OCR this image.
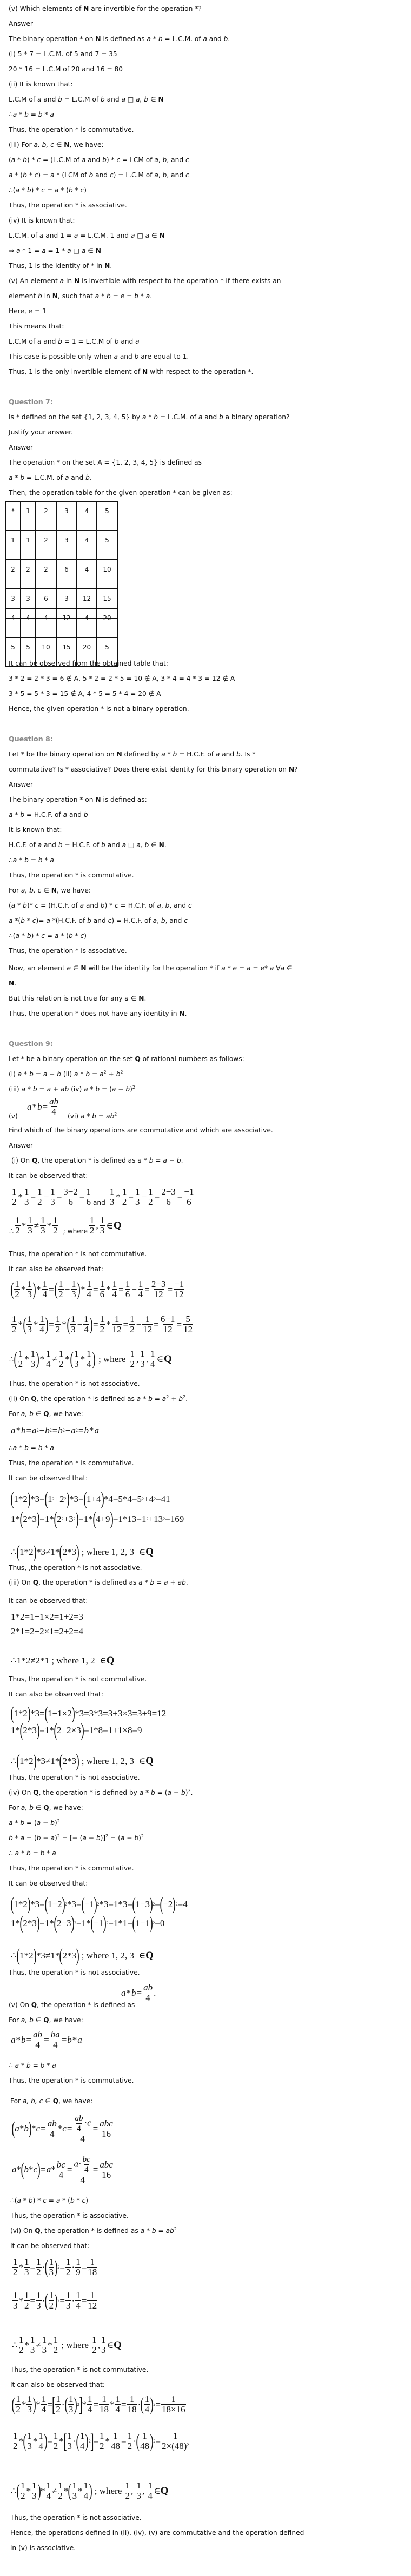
(v) Which elements of N are invertible for the operation *?
Answer
The binary operation * on N is defined as a * b = L.C.M. of a and b.
(i) 5 * 7 = L.C.M. of 5 and 7 = 35
20 * 16 = L.C.M of 20 and 16 = 80
(ii) It is known that:
L.C.M of a and b = L.C.M of b and a □ a, b ∈ N
∴a * b = b * a
Thus, the operation * is commutative.
(iii) For a, b, c ∈ N, we have:
(a * b) * c = (L.C.M of a and b) * c = LCM of a, b, and c
a * (b * c) = a * (LCM of b and c) = L.C.M of a, b, and c
∴(a * b) * c = a * (b * c)
Thus, the operation * is associative.
(iv) It is known that:
L.C.M. of a and 1 = a = L.C.M. 1 and a □ a ∈ N
⇒ a * 1 = a = 1 * a □ a ∈ N
Thus, 1 is the identity of * in N.
(v) An element a in N is invertible with respect to the operation * if there exists an
element b in N, such that a * b = e = b * a.
Here, e = 1
This means that:
L.C.M of a and b = 1 = L.C.M of b and a
This case is possible only when a and b are equal to 1.
Thus, 1 is the only invertible element of N with respect to the operation *.
Question 7:
Is * defined on the set {1, 2, 3, 4, 5} by a * b = L.C.M. of a and b a binary operation?
Justify your answer.
Answer
The operation * on the set A = {1, 2, 3, 4, 5} is defined as
a * b = L.C.M. of a and b.
Then, the operation table for the given operation * can be given as:
It can be observed from the obtained table that:
3 * 2 = 2 * 3 = 6 ∉ A, 5 * 2 = 2 * 5 = 10 ∉ A, 3 * 4 = 4 * 3 = 12 ∉ A
3 * 5 = 5 * 3 = 15 ∉ A, 4 * 5 = 5 * 4 = 20 ∉ A
Hence, the given operation * is not a binary operation.
Question 8:
Let * be the binary operation on N defined by a * b = H.C.F. of a and b. Is *
commutative? Is * associative? Does there exist identity for this binary operation on N?
Answer
The binary operation * on N is defined as:
a * b = H.C.F. of a and b
It is known that:
H.C.F. of a and b = H.C.F. of b and a □ a, b ∈ N.
∴a * b = b * a
Thus, the operation * is commutative.
For a, b, c ∈ N, we have:
(a * b)* c = (H.C.F. of a and b) * c = H.C.F. of a, b, and c
a *(b * c)= a *(H.C.F. of b and c) = H.C.F. of a, b, and c
∴(a * b) * c = a * (b * c)
Thus, the operation * is associative.
Now, an element e ∈ N will be the identity for the operation * if a * e = a = e* a ∀a ∈
N.
But this relation is not true for any a ∈ N.
Thus, the operation * does not have any identity in N.
Question 9:
Let * be a binary operation on the set Q of rational numbers as follows:
(i) a * b = a − b (ii) $a * b = a^2 + b^2$
(iii) a * b = a + ab (iv) $a * b = (a - b)^2$
(v)	(vi) $a * b = ab^2$
Find which of the binary operations are commutative and which are associative.
Answer
(i) On Q, the operation * is defined as a * b = a − b.
It can be observed that:
Thus, the operation * is not commutative.
It can also be observed that:
Thus, the operation * is not associative.
(ii) On Q, the operation * is defined as $a * b = a^2 + b^2$.
For a, b ∈ Q, we have:
∴a * b = b * a
Thus, the operation * is commutative.
It can be observed that:
Thus, ,the operation * is not associative.
(iii) On Q, the operation * is defined as a * b = a + ab.
It can be observed that:
Thus, the operation * is not commutative.
It can also be observed that:
Thus, the operation * is not associative.
(iv) On Q, the operation * is defined by $a * b = (a - b)^2$.
For a, b ∈ Q, we have:
$a * b = (a - b)^2$
$b * a = (b - a)^2$ = [− $(a - b)]^2 = (a - b)^2$
∴ a * b = b * a
Thus, the operation * is commutative.
It can be observed that:
Thus, the operation * is not associative.
(v) On Q, the operation * is defined as
For a, b ∈ Q, we have:
∴ a * b = b * a
Thus, the operation * is commutative.
For a, b, c ∈ Q, we have:
∴(a * b) * c = a * (b * c)
Thus, the operation * is associative.
(vi) On Q, the operation * is defined as $a * b = ab^2$
It can be observed that:
Thus, the operation * is not commutative.
It can also be observed that:
Thus, the operation * is not associative.
Hence, the operations defined in (ii), (iv), (v) are commutative and the operation defined
in (v) is associative.
*	1	2	3	4	5
1	1	2	3	4	5
2	2	2	6	4	10
3	3	6	3	12	15
4	4	4	12	4	20
5	5	10	15	20	5
$a * b = \frac{ab}{4}$
$\frac{1}{2} * \frac{1}{3} = \frac{1}{2} - \frac{1}{3} = \frac{3-2}{6} = \frac{1}{6}$ and $\frac{1}{3} * \frac{1}{2} = \frac{1}{3} - \frac{1}{2} = \frac{2-3}{6} = \frac{-1}{6}$
∴ $\frac{1}{2} * \frac{1}{3} \ne \frac{1}{3} * \frac{1}{2}$ ; where $\frac{1}{2}$ , $\frac{1}{3}$ ∈ Q
( $\frac{1}{2} * \frac{1}{3}$ ) * $\frac{1}{4}$ = ( $\frac{1}{2} - \frac{1}{3}$ ) * $\frac{1}{4} = \frac{1}{6} * \frac{1}{4} = \frac{1}{6} - \frac{1}{4} = \frac{2-3}{12} = \frac{-1}{12}$
$\frac{1}{2}$ * ( $\frac{1}{3} * \frac{1}{4}$ ) = $\frac{1}{2}$ * ( $\frac{1}{3} - \frac{1}{4}$ ) = $\frac{1}{2} * \frac{1}{12} = \frac{1}{2} - \frac{1}{12} = \frac{6-1}{12} = \frac{5}{12}$
∴ ( $\frac{1}{2} * \frac{1}{3}$ ) * $\frac{1}{4} \ne \frac{1}{2}$ * ( $\frac{1}{3} * \frac{1}{4}$ ) ; where $\frac{1}{2}$ , $\frac{1}{3}$ , $\frac{1}{4}$ ∈ Q
a * b = a 2 + b 2 = b 2 + a 2 = b * a
( 1*2 ) *3= ( 1 2 +2 2 ) *3= ( 1+4 ) *4=5*4=5 2 +4 2 =41
1* ( 2*3 ) =1* ( 2 2 +3 2 ) =1* ( 4+9 ) =1*13=1 2 +13 2 =169
∴ ( 1*2 ) *3≠1* ( 2*3 ) ; where 1, 2, 3  ∈ Q
1*2=1+1×2=1+2=3
2*1=2+2×1=2+2=4
∴1*2≠2*1 ; where 1, 2  ∈ Q
( 1*2 ) *3= ( 1+1×2 ) *3=3*3=3+3×3=3+9=12
1* ( 2*3 ) =1* ( 2+2×3 ) =1*8=1+1×8=9
∴ ( 1*2 ) *3≠1* ( 2*3 ) ; where 1, 2, 3  ∈ Q
( 1*2 ) *3= ( 1−2 ) 2 *3= ( −1 ) 2 *3=1*3= ( 1−3 ) 2 = ( −2 ) 2 =4
1* ( 2*3 ) =1* ( 2−3 ) 2 =1* ( −1 ) 2 =1*1= ( 1−1 ) 2 =0
∴ ( 1*2 ) *3≠1* ( 2*3 ) ; where 1, 2, 3  ∈ Q
$a * b = \frac{ab}{4}$ .
$a * b = \frac{ab}{4} = \frac{ba}{4} = b * a$
( a * b ) * $c = \frac{ab}{4} * c = \frac{\frac{ab}{4} \cdot c}{4} = \frac{\text{abc}}{16}$
a * ( b * c ) = $a * \frac{bc}{4} = \frac{a\cdot \frac{bc}{4}}{4} = \frac{\text{abc}}{16}$
$\frac{1}{2} * \frac{1}{3} = \frac{1}{2}$ · ( $\frac{1}{3}$ ) $2 = \frac{1}{2} \cdot \frac{1}{9} = \frac{1}{18}$
$\frac{1}{3} * \frac{1}{2} = \frac{1}{3}$ · ( $\frac{1}{2}$ ) $2 = \frac{1}{3} \cdot \frac{1}{4} = \frac{1}{12}$
∴ $\frac{1}{2} * \frac{1}{3} \ne \frac{1}{3} * \frac{1}{2}$ ; where $\frac{1}{2}$ , $\frac{1}{3}$ ∈ Q
( $\frac{1}{2} * \frac{1}{3}$ ) * $\frac{1}{4}$ = [ $\frac{1}{2}$ · ( $\frac{1}{3}$ ) 2 ] * $\frac{1}{4} = \frac{1}{18} * \frac{1}{4} = \frac{1}{18}$ · ( $\frac{1}{4}$ ) $2 = \frac{1}{18\times 16}$
$\frac{1}{2}$ * ( $\frac{1}{3} * \frac{1}{4}$ ) = $\frac{1}{2}$ * [ $\frac{1}{3}$ · ( $\frac{1}{4}$ ) 2 ] = $\frac{1}{2} * \frac{1}{48} = \frac{1}{2}$ · ( $\frac{1}{48}$ ) $2 = \frac{1}{2\times(48)^2}$
∴ ( $\frac{1}{2} * \frac{1}{3}$ ) * $\frac{1}{4} \ne \frac{1}{2}$ * ( $\frac{1}{3} * \frac{1}{4}$ ) ; where $\frac{1}{2}$ , $\frac{1}{3}$ , $\frac{1}{4}$ ∈ Q
